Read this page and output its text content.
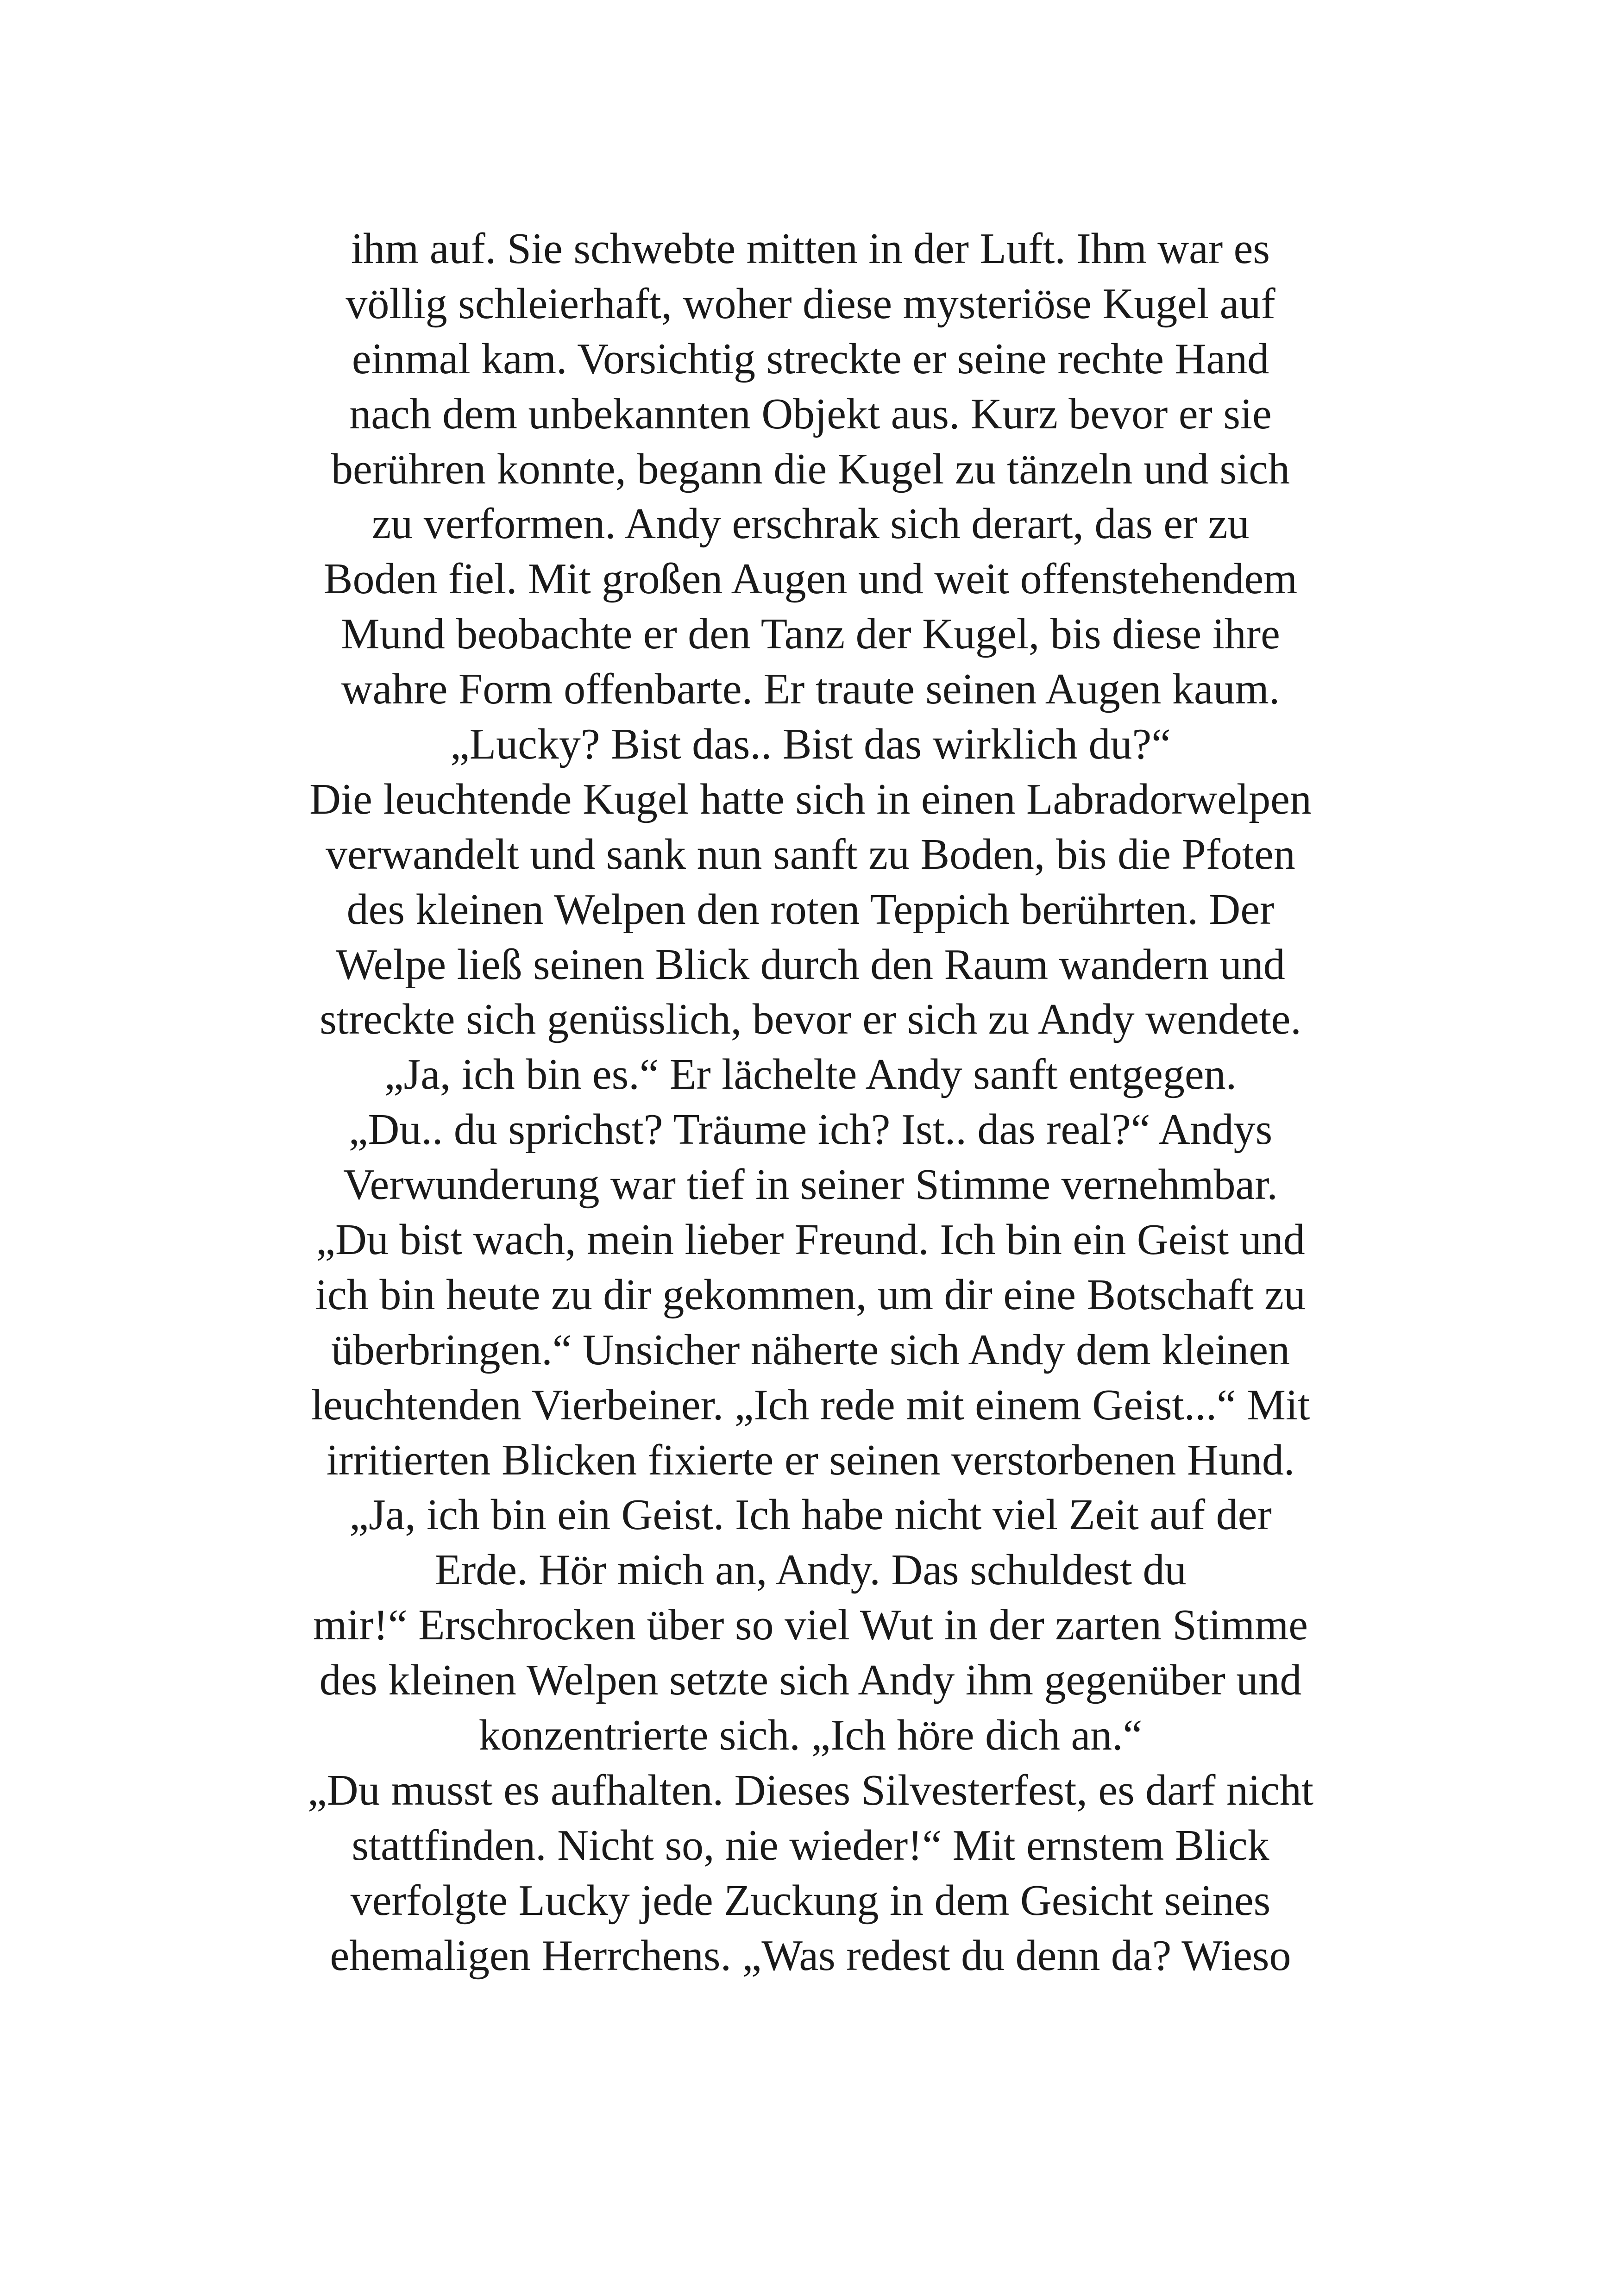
ihm auf. Sie schwebte mitten in der Luft. Ihm war es
völlig schleierhaft, woher diese mysteriöse Kugel auf
einmal kam. Vorsichtig streckte er seine rechte Hand
nach dem unbekannten Objekt aus. Kurz bevor er sie
berühren konnte, begann die Kugel zu tänzeln und sich
zu verformen. Andy erschrak sich derart, das er zu
Boden fiel. Mit großen Augen und weit offenstehendem
Mund beobachte er den Tanz der Kugel, bis diese ihre
wahre Form offenbarte. Er traute seinen Augen kaum.
„Lucky? Bist das.. Bist das wirklich du?“
Die leuchtende Kugel hatte sich in einen Labradorwelpen
verwandelt und sank nun sanft zu Boden, bis die Pfoten
des kleinen Welpen den roten Teppich berührten. Der
Welpe ließ seinen Blick durch den Raum wandern und
streckte sich genüsslich, bevor er sich zu Andy wendete.
„Ja, ich bin es.“ Er lächelte Andy sanft entgegen.
„Du.. du sprichst? Träume ich? Ist.. das real?“ Andys
Verwunderung war tief in seiner Stimme vernehmbar.
„Du bist wach, mein lieber Freund. Ich bin ein Geist und
ich bin heute zu dir gekommen, um dir eine Botschaft zu
überbringen.“ Unsicher näherte sich Andy dem kleinen
leuchtenden Vierbeiner. „Ich rede mit einem Geist...“ Mit
irritierten Blicken fixierte er seinen verstorbenen Hund.
„Ja, ich bin ein Geist. Ich habe nicht viel Zeit auf der
Erde. Hör mich an, Andy. Das schuldest du
mir!“ Erschrocken über so viel Wut in der zarten Stimme
des kleinen Welpen setzte sich Andy ihm gegenüber und
konzentrierte sich. „Ich höre dich an.“
„Du musst es aufhalten. Dieses Silvesterfest, es darf nicht
stattfinden. Nicht so, nie wieder!“ Mit ernstem Blick
verfolgte Lucky jede Zuckung in dem Gesicht seines
ehemaligen Herrchens. „Was redest du denn da? Wieso
